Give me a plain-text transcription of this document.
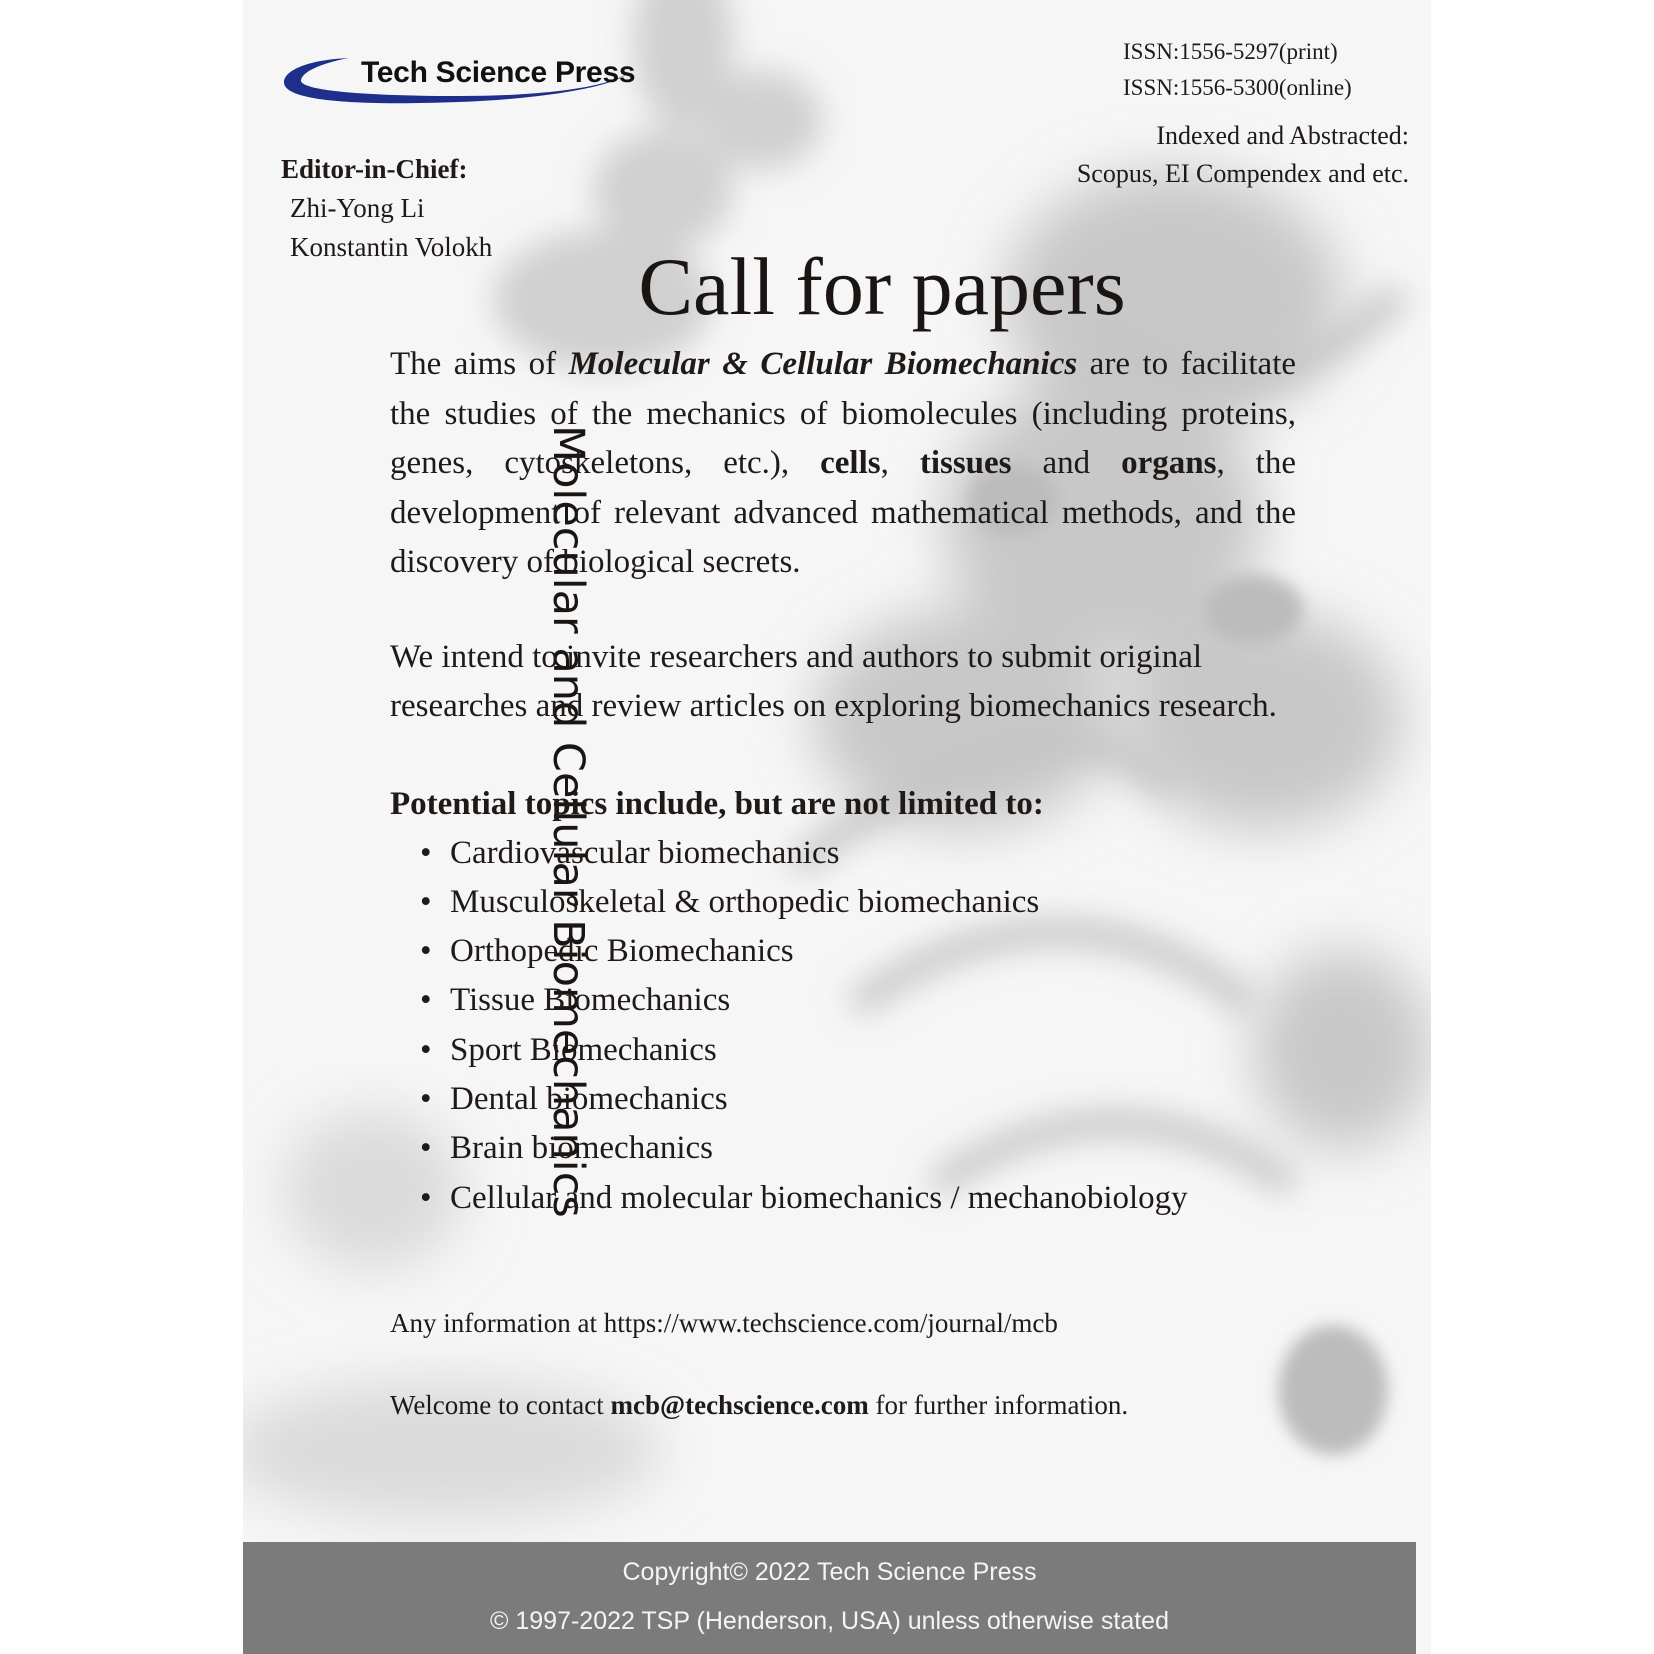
Tech Science Press
ISSN:1556-5297(print)
ISSN:1556-5300(online)
Indexed and Abstracted:
Scopus, EI Compendex and etc.
Editor-in-Chief:
Zhi-Yong Li
Konstantin Volokh	Call for papers
Molecular and Cellular Biomechanics

The aims of Molecular & Cellular Biomechanics are to facilitate the studies of the mechanics of biomolecules (including proteins, genes, cytoskeletons, etc.), cells, tissues and organs, the development of relevant advanced mathematical methods, and the discovery of biological secrets.

We intend to invite researchers and authors to submit original researches and review articles on exploring biomechanics research.

Potential topics include, but are not limited to:

• Cardiovascular biomechanics
• Musculoskeletal & orthopedic biomechanics
• Orthopedic Biomechanics
• Tissue Biomechanics
• Sport Biomechanics
• Dental biomechanics
• Brain biomechanics
• Cellular and molecular biomechanics / mechanobiology

Any information at https://www.techscience.com/journal/mcb

Welcome to contact mcb@techscience.com for further information.

Copyright© 2022 Tech Science Press
© 1997-2022 TSP (Henderson, USA) unless otherwise stated
